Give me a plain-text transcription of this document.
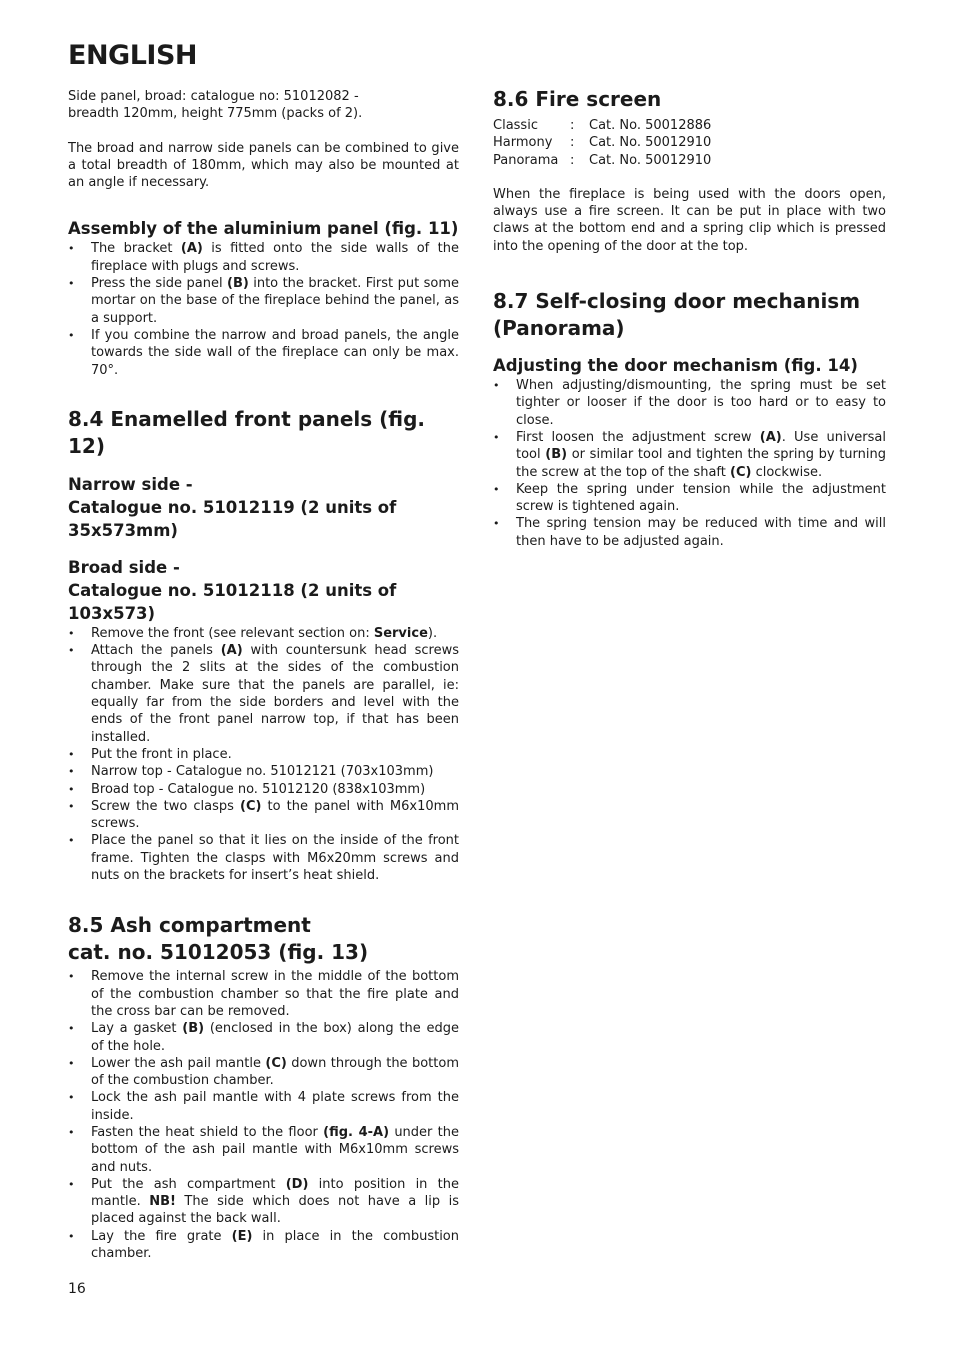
ENGLISH

Side panel, broad: catalogue no: 51012082 -
breadth 120mm, height 775mm (packs of 2).

The broad and narrow side panels can be combined to give a total breadth of 180mm, which may also be mounted at an angle if necessary.

Assembly of the aluminium panel (fig. 11)
• The bracket (A) is fitted onto the side walls of the fireplace with plugs and screws.
• Press the side panel (B) into the bracket. First put some mortar on the base of the fireplace behind the panel, as a support.
• If you combine the narrow and broad panels, the angle towards the side wall of the fireplace can only be max. 70°.
8.4 Enamelled front panels (fig. 12)
Narrow side -
Catalogue no. 51012119 (2 units of 35x573mm)
Broad side -
Catalogue no. 51012118 (2 units of 103x573)
• Remove the front (see relevant section on: Service).
• Attach the panels (A) with countersunk head screws through the 2 slits at the sides of the combustion chamber. Make sure that the panels are parallel, ie: equally far from the side borders and level with the ends of the front panel narrow top, if that has been installed.
• Put the front in place.
• Narrow top - Catalogue no. 51012121 (703x103mm)
• Broad top - Catalogue no. 51012120 (838x103mm)
• Screw the two clasps (C) to the panel with M6x10mm screws.
• Place the panel so that it lies on the inside of the front frame. Tighten the clasps with M6x20mm screws and nuts on the brackets for insert’s heat shield.
8.5 Ash compartment
cat. no. 51012053 (fig. 13)
• Remove the internal screw in the middle of the bottom of the combustion chamber so that the fire plate and the cross bar can be removed.
• Lay a gasket (B) (enclosed in the box) along the edge of the hole.
• Lower the ash pail mantle (C) down through the bottom of the combustion chamber.
• Lock the ash pail mantle with 4 plate screws from the inside.
• Fasten the heat shield to the floor (fig. 4-A) under the bottom of the ash pail mantle with M6x10mm screws and nuts.
• Put the ash compartment (D) into position in the mantle. NB! The side which does not have a lip is placed against the back wall.
• Lay the fire grate (E) in place in the combustion chamber.
8.6 Fire screen
Classic	:	Cat. No. 50012886
Harmony	:	Cat. No. 50012910
Panorama	:	Cat. No. 50012910

When the fireplace is being used with the doors open, always use a fire screen. It can be put in place with two claws at the bottom end and a spring clip which is pressed into the opening of the door at the top.

8.7 Self-closing door mechanism
(Panorama)
Adjusting the door mechanism (fig. 14)
• When adjusting/dismounting, the spring must be set tighter or looser if the door is too hard or to easy to close.
• First loosen the adjustment screw (A). Use universal tool (B) or similar tool and tighten the spring by turning the screw at the top of the shaft (C) clockwise.
• Keep the spring under tension while the adjustment screw is tightened again.
• The spring tension may be reduced with time and will then have to be adjusted again.

16
